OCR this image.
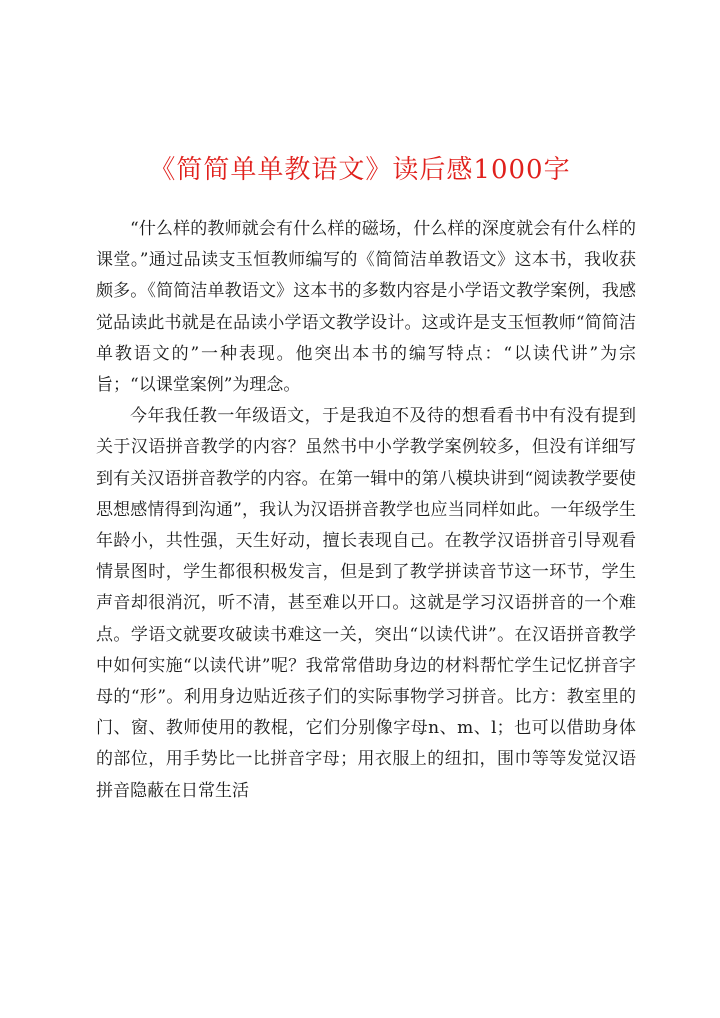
《简简单单教语文》读后感1000字

“什么样的教师就会有什么样的磁场，什么样的深度就会有什么样的课堂。”通过品读支玉恒教师编写的《简简洁单教语文》这本书，我收获颇多。《简简洁单教语文》这本书的多数内容是小学语文教学案例，我感觉品读此书就是在品读小学语文教学设计。这或许是支玉恒教师“简简洁单教语文的”一种表现。他突出本书的编写特点：“以读代讲”为宗旨；“以课堂案例”为理念。

今年我任教一年级语文，于是我迫不及待的想看看书中有没有提到关于汉语拼音教学的内容？虽然书中小学教学案例较多，但没有详细写到有关汉语拼音教学的内容。在第一辑中的第八模块讲到“阅读教学要使思想感情得到沟通”，我认为汉语拼音教学也应当同样如此。一年级学生年龄小，共性强，天生好动，擅长表现自己。在教学汉语拼音引导观看情景图时，学生都很积极发言，但是到了教学拼读音节这一环节，学生声音却很消沉，听不清，甚至难以开口。这就是学习汉语拼音的一个难点。学语文就要攻破读书难这一关，突出“以读代讲”。在汉语拼音教学中如何实施“以读代讲”呢？我常常借助身边的材料帮忙学生记忆拼音字母的“形”。利用身边贴近孩子们的实际事物学习拼音。比方：教室里的门、窗、教师使用的教棍，它们分别像字母n、m、l；也可以借助身体的部位，用手势比一比拼音字母；用衣服上的纽扣，围巾等等发觉汉语拼音隐蔽在日常生活
